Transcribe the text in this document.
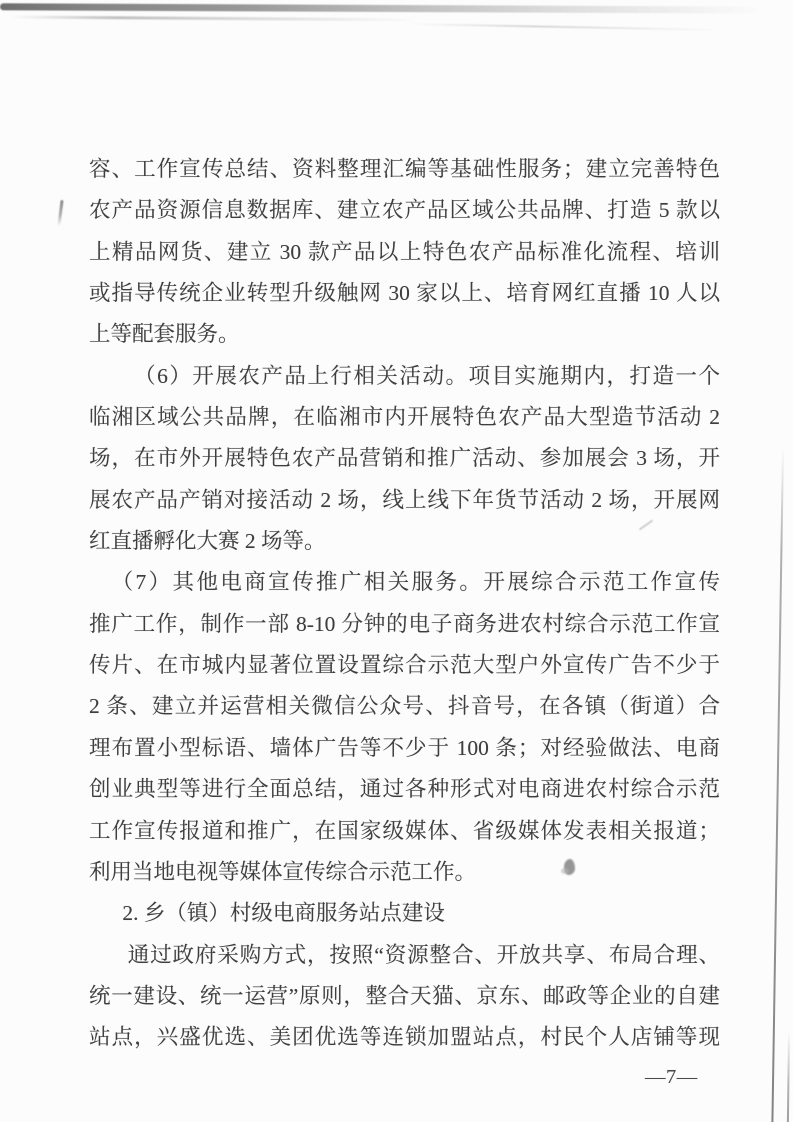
容、工作宣传总结、资料整理汇编等基础性服务；建立完善特色
农产品资源信息数据库、建立农产品区域公共品牌、打造 5 款以
上精品网货、建立 30 款产品以上特色农产品标准化流程、培训
或指导传统企业转型升级触网 30 家以上、培育网红直播 10 人以
上等配套服务。
（6）开展农产品上行相关活动。项目实施期内，打造一个
临湘区域公共品牌，在临湘市内开展特色农产品大型造节活动 2
场，在市外开展特色农产品营销和推广活动、参加展会 3 场，开
展农产品产销对接活动 2 场，线上线下年货节活动 2 场，开展网
红直播孵化大赛 2 场等。
（7）其他电商宣传推广相关服务。开展综合示范工作宣传
推广工作，制作一部 8-10 分钟的电子商务进农村综合示范工作宣
传片、在市城内显著位置设置综合示范大型户外宣传广告不少于
2 条、建立并运营相关微信公众号、抖音号，在各镇（街道）合
理布置小型标语、墙体广告等不少于 100 条；对经验做法、电商
创业典型等进行全面总结，通过各种形式对电商进农村综合示范
工作宣传报道和推广，在国家级媒体、省级媒体发表相关报道；
利用当地电视等媒体宣传综合示范工作。
2. 乡（镇）村级电商服务站点建设
通过政府采购方式，按照“资源整合、开放共享、布局合理、
统一建设、统一运营”原则，整合天猫、京东、邮政等企业的自建
站点，兴盛优选、美团优选等连锁加盟站点，村民个人店铺等现
—7—
